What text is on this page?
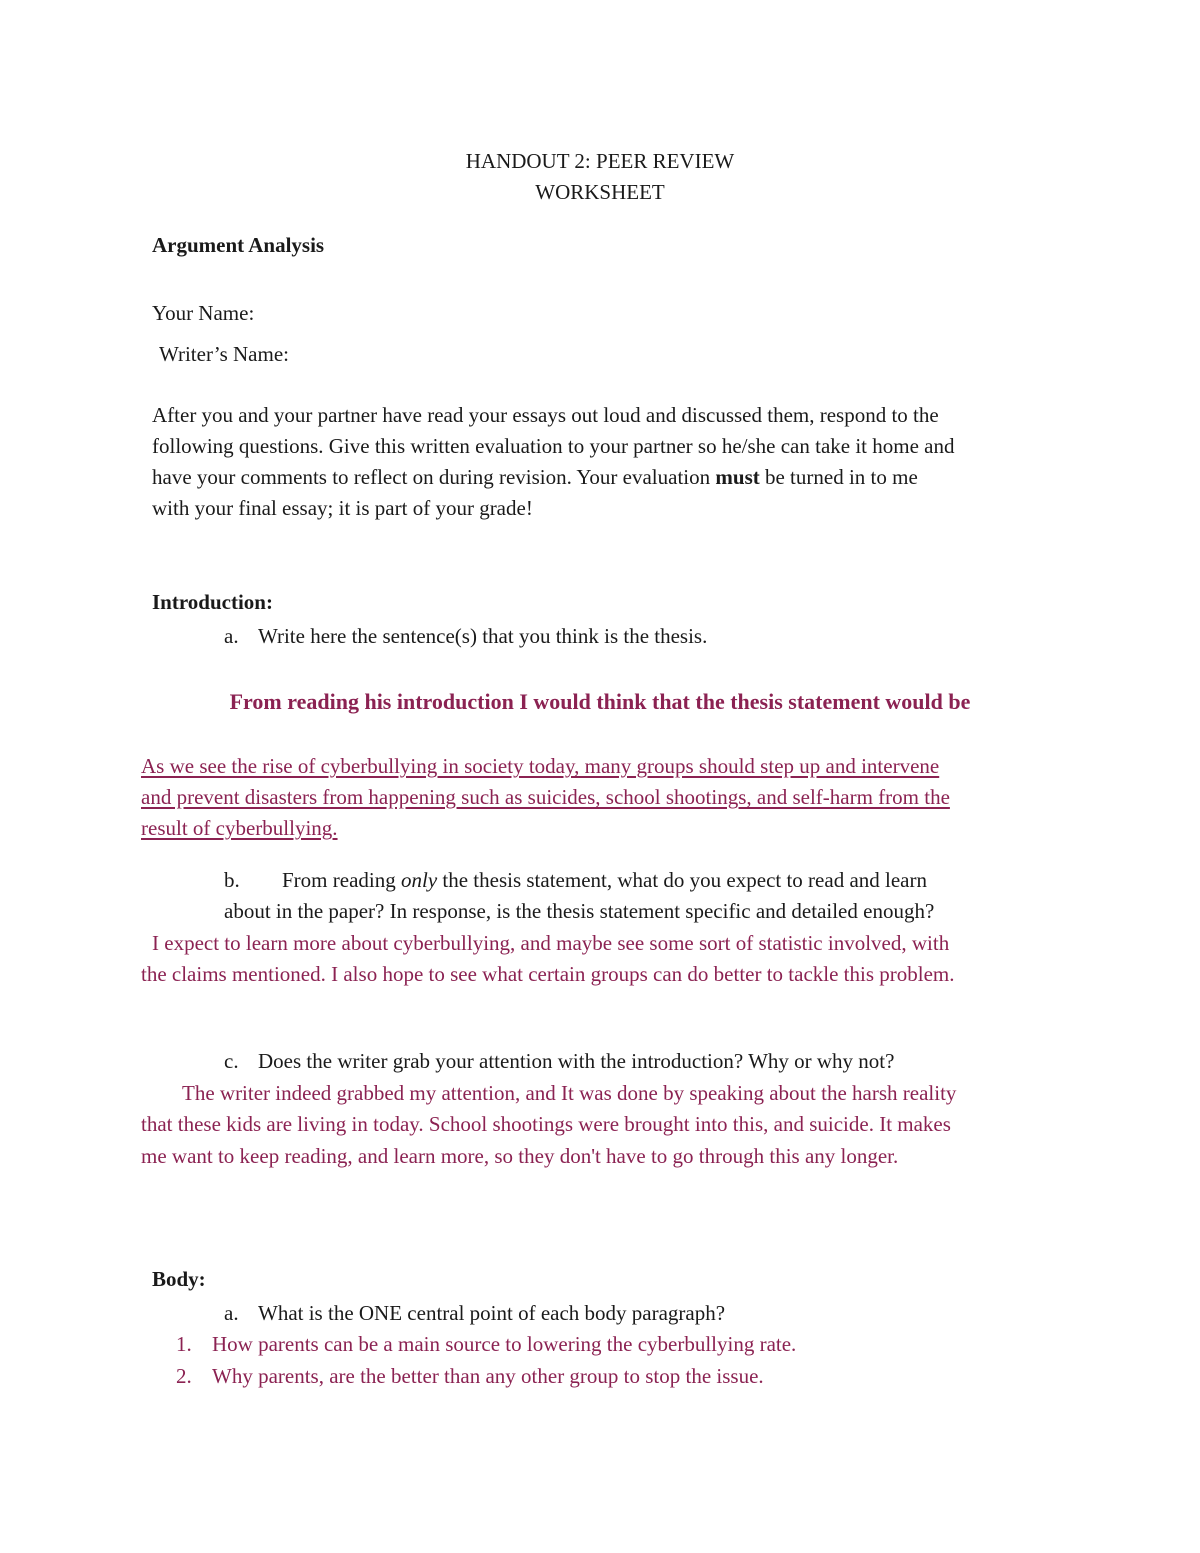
HANDOUT 2: PEER REVIEW
WORKSHEET
Argument Analysis
Your Name:
Writer’s Name:
After you and your partner have read your essays out loud and discussed them, respond to the
following questions. Give this written evaluation to your partner so he/she can take it home and
have your comments to reflect on during revision. Your evaluation must be turned in to me
with your final essay; it is part of your grade!
Introduction:
a. Write here the sentence(s) that you think is the thesis.
From reading his introduction I would think that the thesis statement would be
As we see the rise of cyberbullying in society today, many groups should step up and intervene
and prevent disasters from happening such as suicides, school shootings, and self-harm from the
result of cyberbullying.
b. From reading only the thesis statement, what do you expect to read and learn
about in the paper? In response, is the thesis statement specific and detailed enough?
I expect to learn more about cyberbullying, and maybe see some sort of statistic involved, with
the claims mentioned. I also hope to see what certain groups can do better to tackle this problem.
c. Does the writer grab your attention with the introduction? Why or why not?
The writer indeed grabbed my attention, and It was done by speaking about the harsh reality
that these kids are living in today. School shootings were brought into this, and suicide. It makes
me want to keep reading, and learn more, so they don't have to go through this any longer.
Body:
a. What is the ONE central point of each body paragraph?
1. How parents can be a main source to lowering the cyberbullying rate.
2. Why parents, are the better than any other group to stop the issue.
